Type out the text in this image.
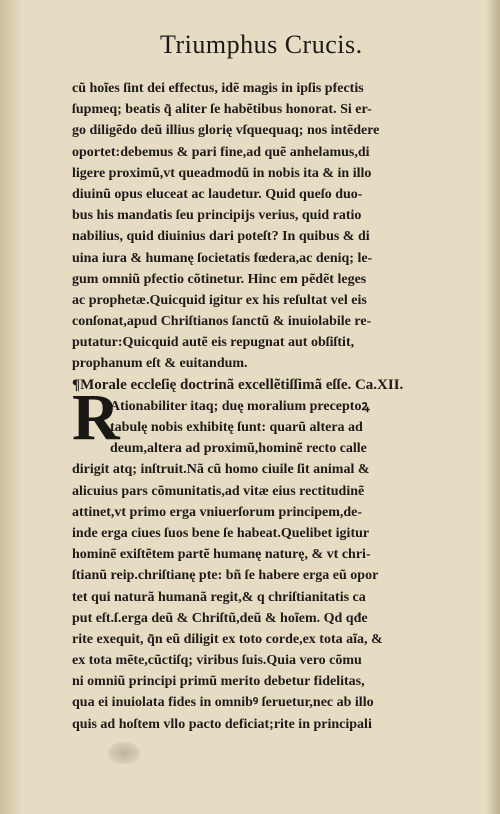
Triumphus Crucis.
R
cũ hoĩes ſint dei effectus, idẽ magis in ipſis pfectis
ſupmeq; beatis q̃ aliter ſe habẽtibus honorat. Si er-
go diligẽdo deũ illius glorię vſquequaq; nos intẽdere
oportet:debemus & pari fine,ad quẽ anhelamus,di
ligere proximũ,vt queadmodũ in nobis ita & in illo
diuinũ opus eluceat ac laudetur. Quid queſo duo-
bus his mandatis ſeu principijs verius, quid ratio
nabilius, quid diuinius dari poteſt? In quibus & di
uina iura & humanę ſocietatis fœdera,ac deniq; le-
gum omniũ pfectio cõtinetur. Hinc em pẽdẽt leges
ac prophetæ.Quicquid igitur ex his reſultat vel eis
conſonat,apud Chriſtianos ſanctũ & inuiolabile re-
putatur:Quicquid autẽ eis repugnat aut obſiſtit,
prophanum eſt & euitandum.
¶Morale eccleſię doctrinã excellẽtiſſimã eſſe. Ca.XII.
Ationabiliter itaq; duę moralium preceptoꝝ
tabulę nobis exhibitę ſunt: quarũ altera ad
deum,altera ad proximũ,hominẽ recto calle
dirigit atq; inſtruit.Nã cũ homo ciuile ſit animal &
alicuius pars cõmunitatis,ad vitæ eius rectitudinẽ
attinet,vt primo erga vniuerſorum principem,de-
inde erga ciues ſuos bene ſe habeat.Quelibet igitur
hominẽ exiſtẽtem partẽ humanę naturę, & vt chri-
ſtianũ reip.chriſtianę pte: bñ ſe habere erga eũ opor
tet qui naturã humanã regit,& q chriſtianitatis ca
put eſt.ſ.erga deũ & Chriſtũ,deũ & hoĩem. Qd qđe
rite exequit, q̃n eũ diligit ex toto corde,ex tota aĩa, &
ex tota mẽte,cũctiſq; viribus ſuis.Quia vero cõmu
ni omniũ principi primũ merito debetur fidelitas,
qua ei inuiolata fides in omnibꝰ ſeruetur,nec ab illo
quis ad hoſtem vllo pacto deficiat;rite in principali
